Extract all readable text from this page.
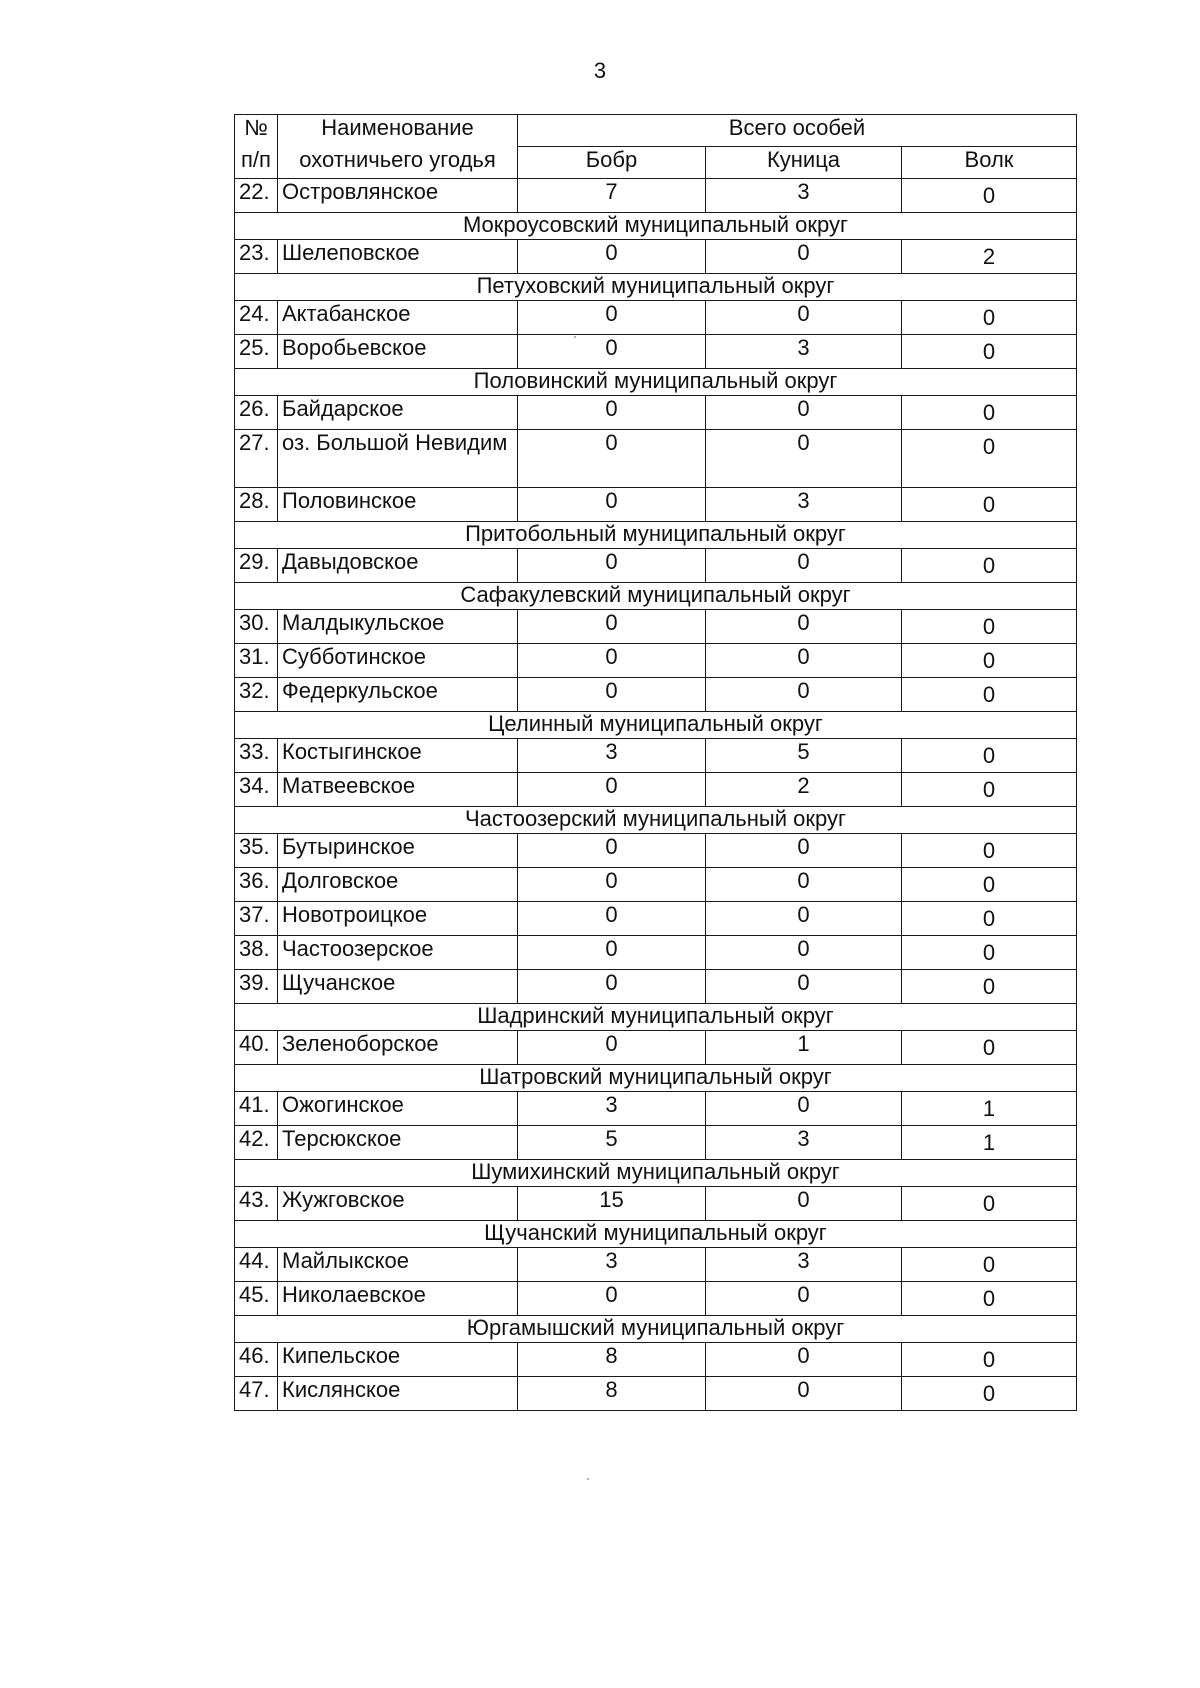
3
№	Наименование	Всего особей		
п/п	охотничьего угодья	Бобр	Куница	Волк
22.	Островлянское	7	3	0
Мокроусовский муниципальный округ				
23.	Шелеповское	0	0	2
Петуховский муниципальный округ				
24.	Актабанское	0	0	0
25.	Воробьевское	0	3	0
Половинский муниципальный округ				
26.	Байдарское	0	0	0
27.	оз. Большой Невидим	0	0	0
28.	Половинское	0	3	0
Притобольный муниципальный округ				
29.	Давыдовское	0	0	0
Сафакулевский муниципальный округ				
30.	Малдыкульское	0	0	0
31.	Субботинское	0	0	0
32.	Федеркульское	0	0	0
Целинный муниципальный округ				
33.	Костыгинское	3	5	0
34.	Матвеевское	0	2	0
Частоозерский муниципальный округ				
35.	Бутыринское	0	0	0
36.	Долговское	0	0	0
37.	Новотроицкое	0	0	0
38.	Частоозерское	0	0	0
39.	Щучанское	0	0	0
Шадринский муниципальный округ				
40.	Зеленоборское	0	1	0
Шатровский муниципальный округ				
41.	Ожогинское	3	0	1
42.	Терсюкское	5	3	1
Шумихинский муниципальный округ				
43.	Жужговское	15	0	0
Щучанский муниципальный округ				
44.	Майлыкское	3	3	0
45.	Николаевское	0	0	0
Юргамышский муниципальный округ				
46.	Кипельское	8	0	0
47.	Кислянское	8	0	0
